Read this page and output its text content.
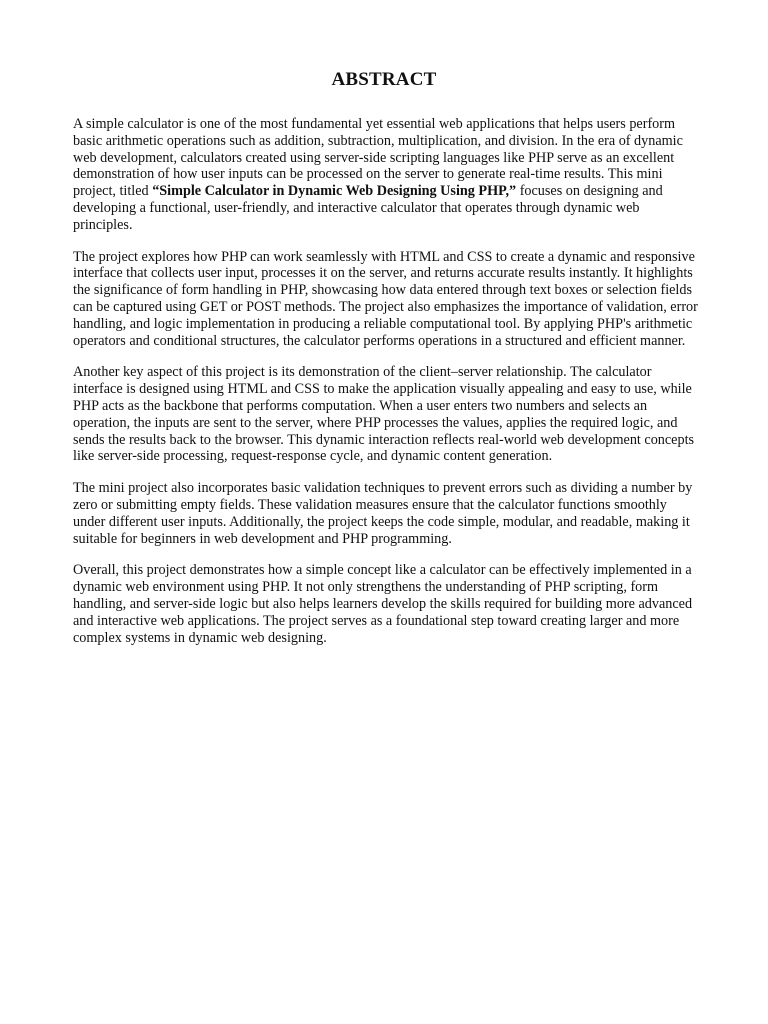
ABSTRACT

A simple calculator is one of the most fundamental yet essential web applications that helps users perform basic arithmetic operations such as addition, subtraction, multiplication, and division. In the era of dynamic web development, calculators created using server-side scripting languages like PHP serve as an excellent demonstration of how user inputs can be processed on the server to generate real-time results. This mini project, titled “Simple Calculator in Dynamic Web Designing Using PHP,” focuses on designing and developing a functional, user-friendly, and interactive calculator that operates through dynamic web principles.

The project explores how PHP can work seamlessly with HTML and CSS to create a dynamic and responsive interface that collects user input, processes it on the server, and returns accurate results instantly. It highlights the significance of form handling in PHP, showcasing how data entered through text boxes or selection fields can be captured using GET or POST methods. The project also emphasizes the importance of validation, error handling, and logic implementation in producing a reliable computational tool. By applying PHP's arithmetic operators and conditional structures, the calculator performs operations in a structured and efficient manner.

Another key aspect of this project is its demonstration of the client–server relationship. The calculator interface is designed using HTML and CSS to make the application visually appealing and easy to use, while PHP acts as the backbone that performs computation. When a user enters two numbers and selects an operation, the inputs are sent to the server, where PHP processes the values, applies the required logic, and sends the results back to the browser. This dynamic interaction reflects real-world web development concepts like server-side processing, request-response cycle, and dynamic content generation.

The mini project also incorporates basic validation techniques to prevent errors such as dividing a number by zero or submitting empty fields. These validation measures ensure that the calculator functions smoothly under different user inputs. Additionally, the project keeps the code simple, modular, and readable, making it suitable for beginners in web development and PHP programming.

Overall, this project demonstrates how a simple concept like a calculator can be effectively implemented in a dynamic web environment using PHP. It not only strengthens the understanding of PHP scripting, form handling, and server-side logic but also helps learners develop the skills required for building more advanced and interactive web applications. The project serves as a foundational step toward creating larger and more complex systems in dynamic web designing.
